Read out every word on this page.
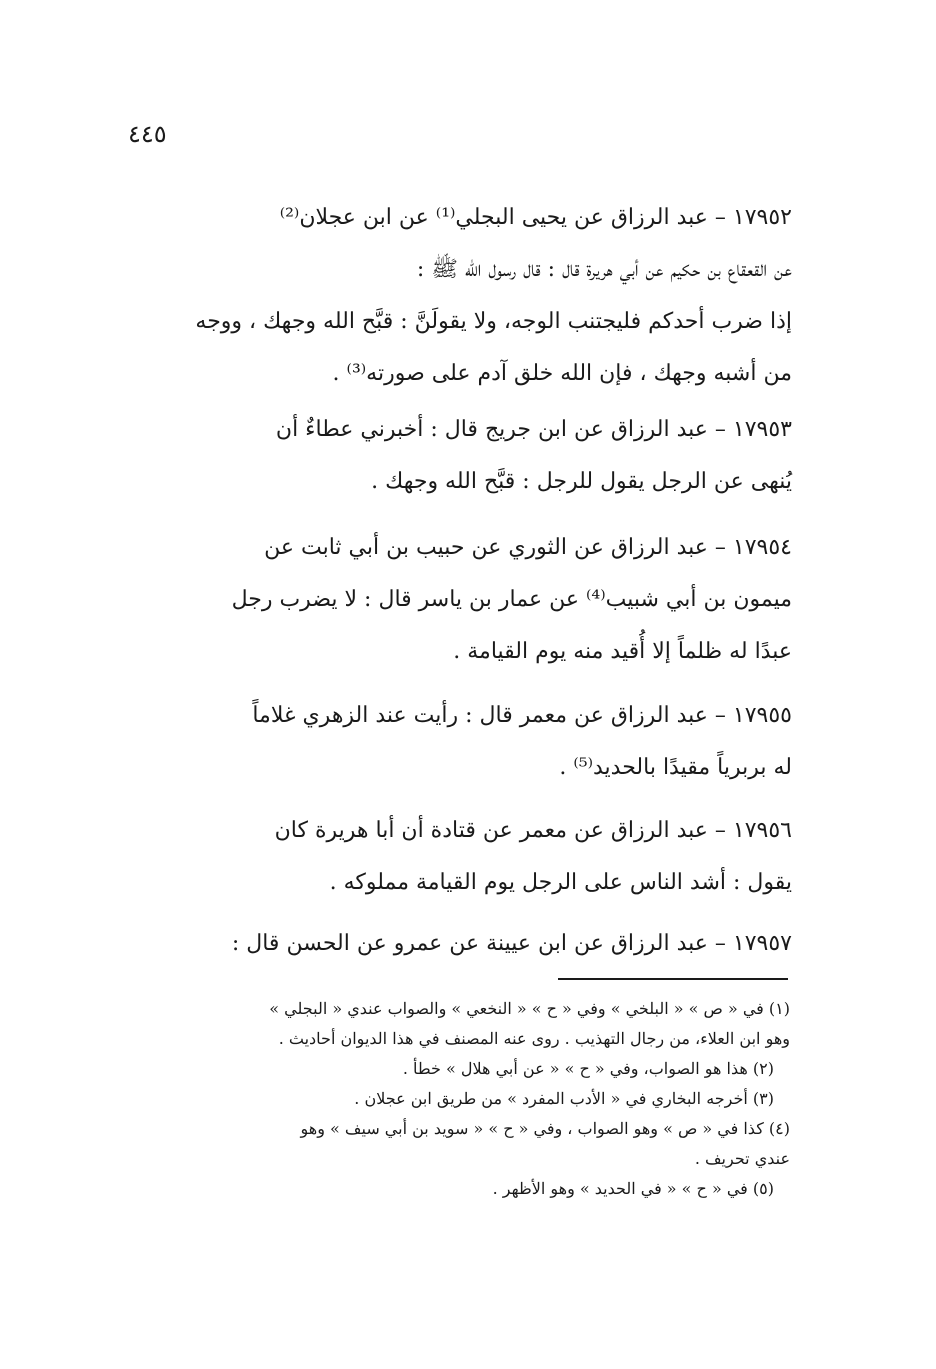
٤٤٥

١٧٩٥٢ – عبد الرزاق عن يحيى البجلي⁽¹⁾ عن ابن عجلان⁽²⁾

عن القعقاع بن حكيم عن أبي هريرة قال : قال رسول الله ﷺ :

إذا ضرب أحدكم فليجتنب الوجه، ولا يقولَنَّ : قبَّح الله وجهك ، ووجه

من أشبه وجهك ، فإن الله خلق آدم على صورته⁽³⁾ .

١٧٩٥٣ – عبد الرزاق عن ابن جريج قال : أخبرني عطاءٌ أن

يُنهى عن الرجل يقول للرجل : قبَّح الله وجهك .

١٧٩٥٤ – عبد الرزاق عن الثوري عن حبيب بن أبي ثابت عن

ميمون بن أبي شبيب⁽⁴⁾ عن عمار بن ياسر قال : لا يضرب رجل

عبدًا له ظلماً إلا أُقيد منه يوم القيامة .

١٧٩٥٥ – عبد الرزاق عن معمر قال : رأيت عند الزهري غلاماً

له بربرياً مقيدًا بالحديد⁽⁵⁾ .

١٧٩٥٦ – عبد الرزاق عن معمر عن قتادة أن أبا هريرة كان

يقول : أشد الناس على الرجل يوم القيامة مملوكه .

١٧٩٥٧ – عبد الرزاق عن ابن عيينة عن عمرو عن الحسن قال :

(١) في « ص » « البلخي » وفي « ح » « النخعي » والصواب عندي « البجلي »

وهو ابن العلاء، من رجال التهذيب . روى عنه المصنف في هذا الديوان أحاديث .

(٢) هذا هو الصواب، وفي « ح » « عن أبي هلال » خطأ .

(٣) أخرجه البخاري في « الأدب المفرد » من طريق ابن عجلان .

(٤) كذا في « ص » وهو الصواب ، وفي « ح » « سويد بن أبي سيف » وهو

عندي تحريف .

(٥) في « ح » « في الحديد » وهو الأظهر .
